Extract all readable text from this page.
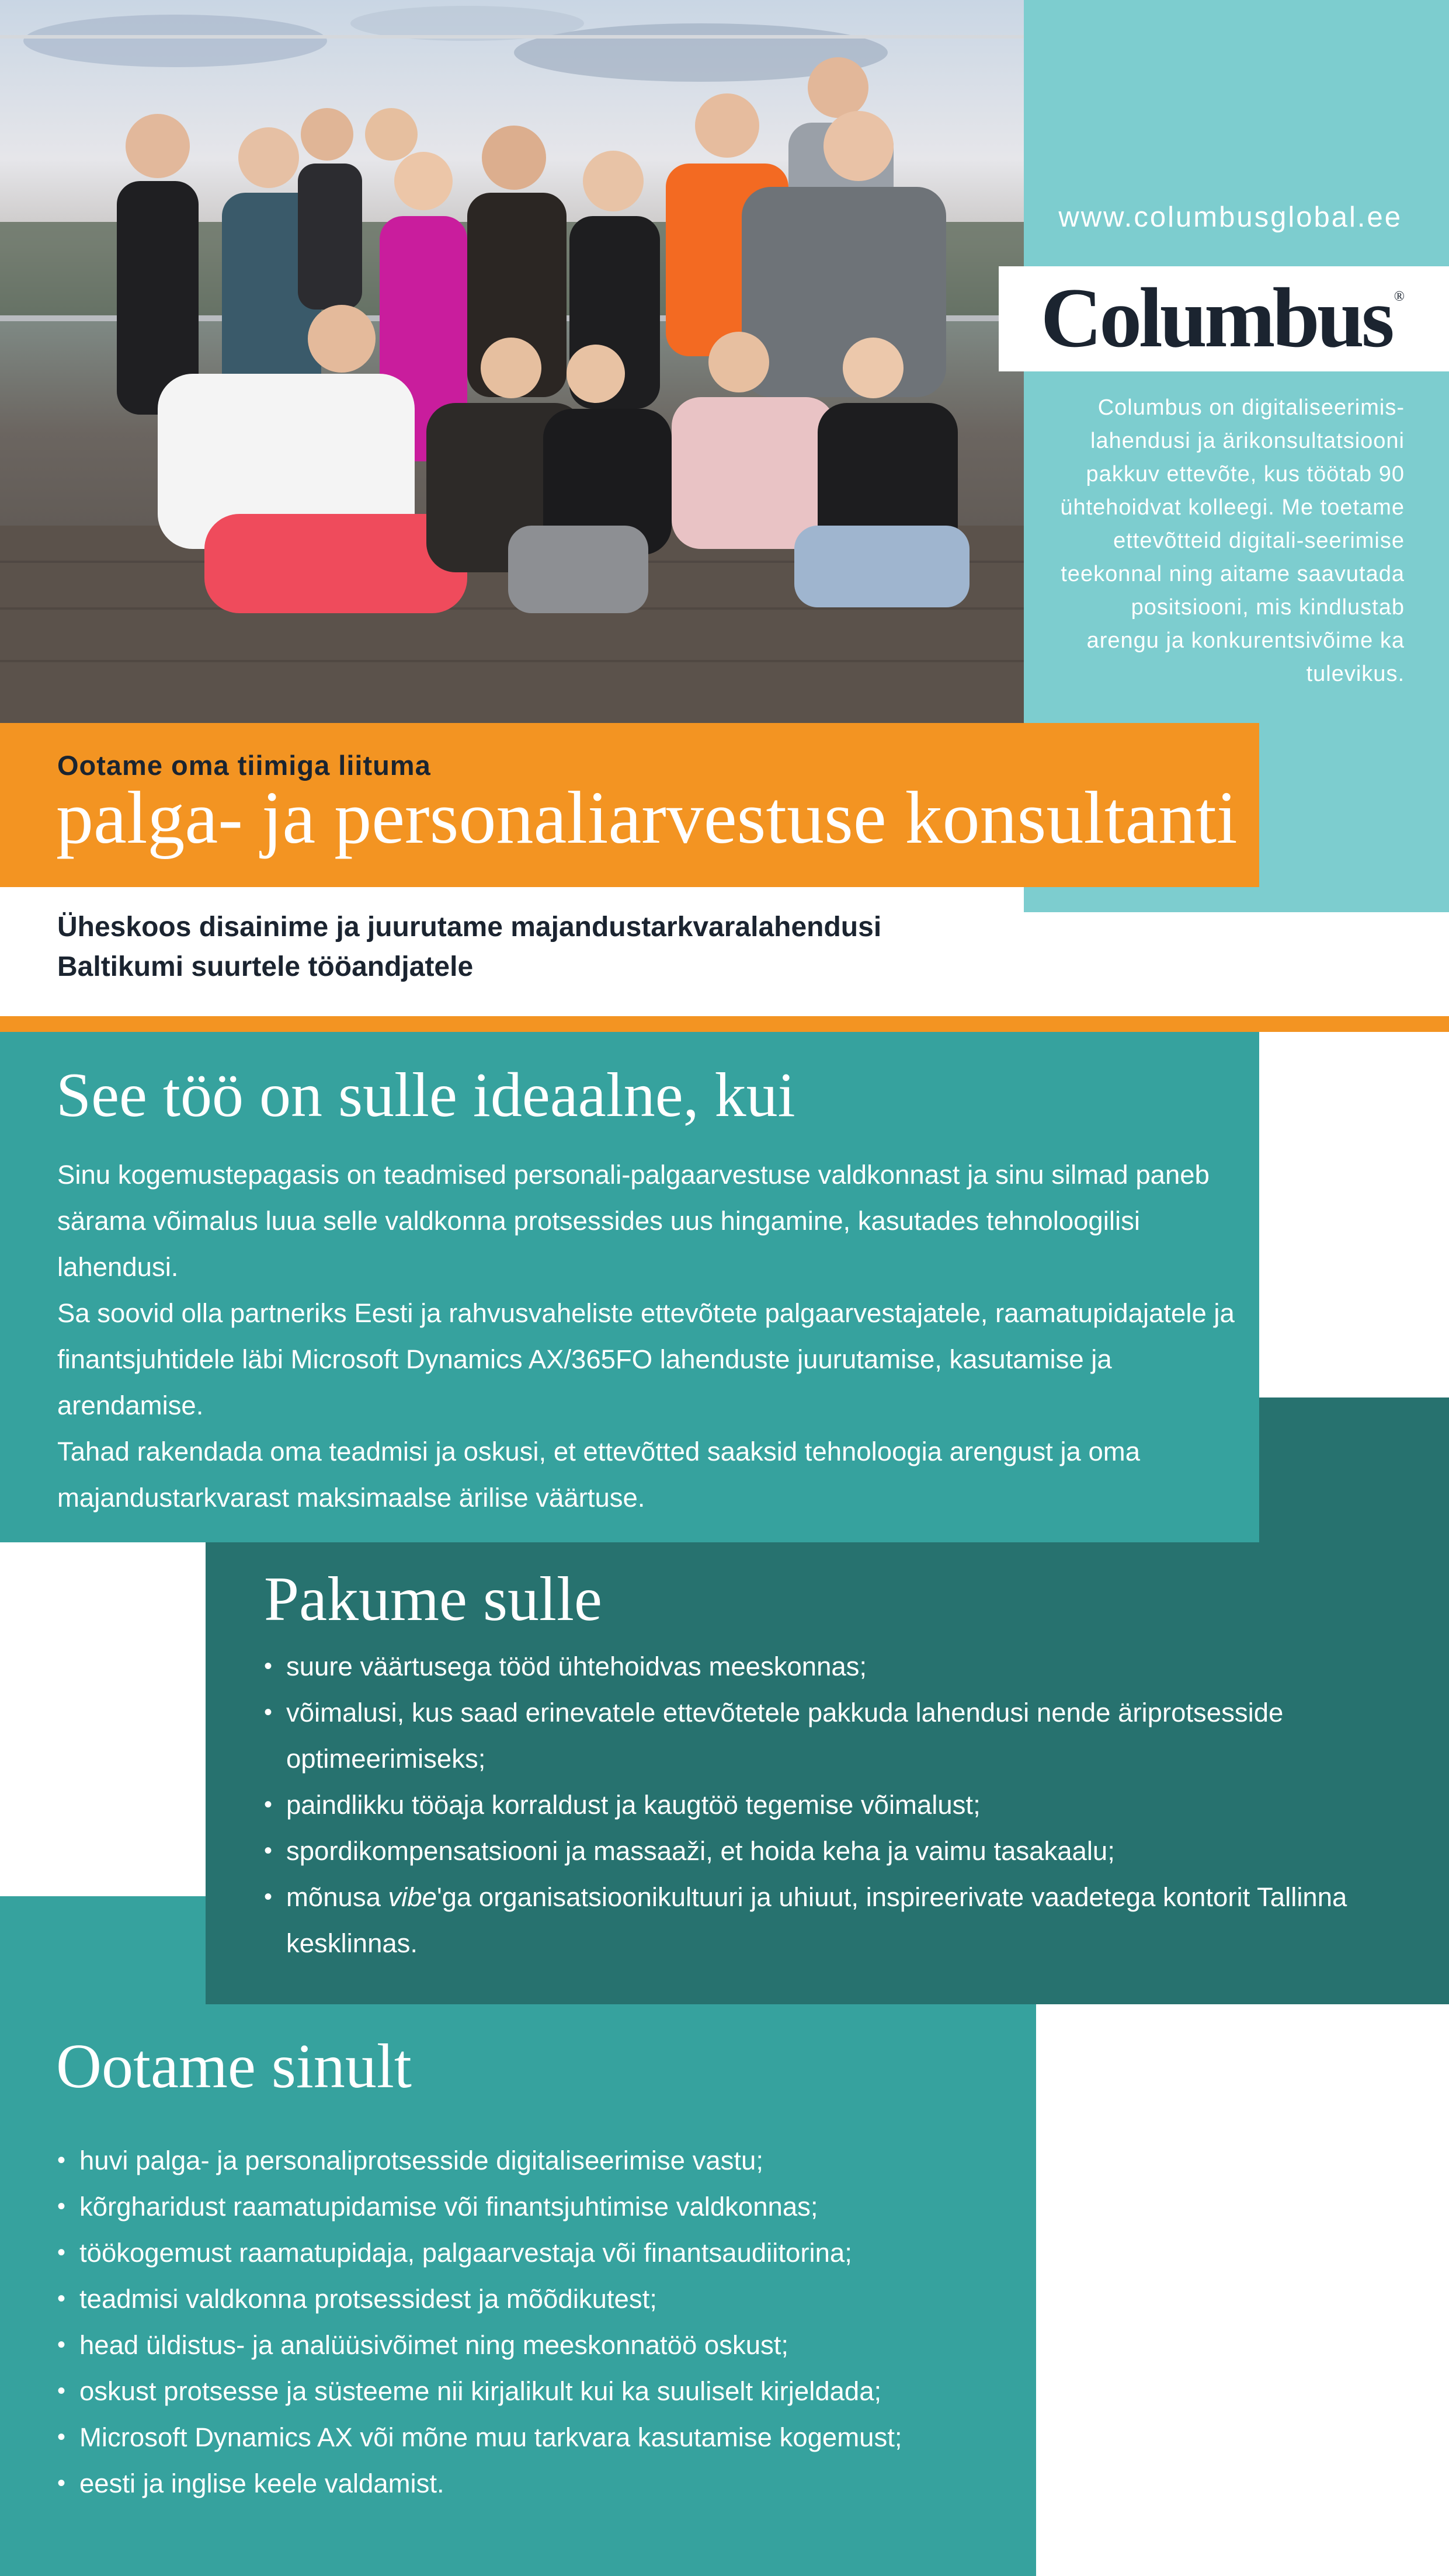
www.columbusglobal.ee
Columbus ®
Columbus on digitaliseerimis-lahendusi ja ärikonsultatsiooni pakkuv ettevõte, kus töötab 90 ühtehoidvat kolleegi. Me toetame ettevõtteid digitali-seerimise teekonnal ning aitame saavutada positsiooni, mis kindlustab arengu ja konkurentsivõime ka tulevikus.
Ootame oma tiimiga liituma
palga- ja personaliarvestuse konsultanti
Üheskoos disainime ja juurutame majandustarkvaralahendusi
Baltikumi suurtele tööandjatele
See töö on sulle ideaalne, kui

Sinu kogemustepagasis on teadmised personali-palgaarvestuse valdkonnast ja sinu silmad paneb särama võimalus luua selle valdkonna protsessides uus hingamine, kasutades tehnoloogilisi lahendusi.

Sa soovid olla partneriks Eesti ja rahvusvaheliste ettevõtete palgaarvestajatele, raamatupidajatele ja finantsjuhtidele läbi Microsoft Dynamics AX/365FO lahenduste juurutamise, kasutamise ja arendamise.

Tahad rakendada oma teadmisi ja oskusi, et ettevõtted saaksid tehnoloogia arengust ja oma majandustarkvarast maksimaalse ärilise väärtuse.

Pakume sulle
• suure väärtusega tööd ühtehoidvas meeskonnas;
• võimalusi, kus saad erinevatele ettevõtetele pakkuda lahendusi nende äriprotsesside optimeerimiseks;
• paindlikku tööaja korraldust ja kaugtöö tegemise võimalust;
• spordikompensatsiooni ja massaaži, et hoida keha ja vaimu tasakaalu;
• mõnusa vibe'ga organisatsioonikultuuri ja uhiuut, inspireerivate vaadetega kontorit Tallinna kesklinnas.
Ootame sinult
• huvi palga- ja personaliprotsesside digitaliseerimise vastu;
• kõrgharidust raamatupidamise või finantsjuhtimise valdkonnas;
• töökogemust raamatupidaja, palgaarvestaja või finantsaudiitorina;
• teadmisi valdkonna protsessidest ja mõõdikutest;
• head üldistus- ja analüüsivõimet ning meeskonnatöö oskust;
• oskust protsesse ja süsteeme nii kirjalikult kui ka suuliselt kirjeldada;
• Microsoft Dynamics AX või mõne muu tarkvara kasutamise kogemust;
• eesti ja inglise keele valdamist.
